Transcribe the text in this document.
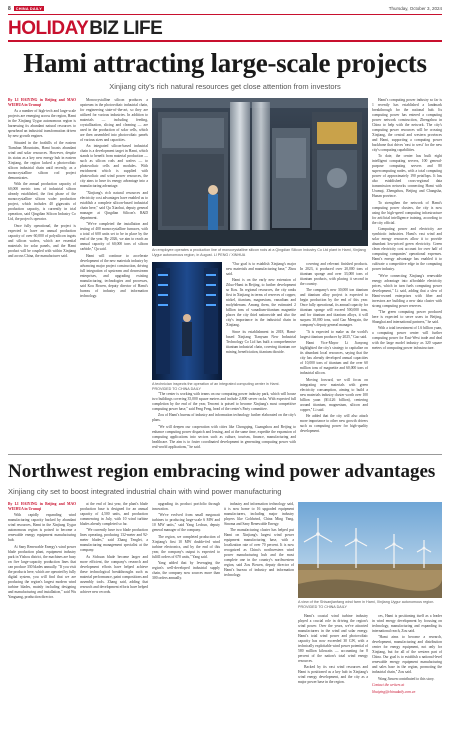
8	CHINA DAILY	Thursday, October 3, 2024
HOLIDAY BIZ LIFE
Hami attracting large-scale projects
Xinjiang city's rich natural resources get close attention from investors

By LI HAIYING in Beijing and MAO WEIHUA in Urumqi

As a number of high-tech and large-scale projects are emerging across the region, Hami in the Xinjiang Uygur autonomous region is harnessing its abundant natural resources to spearhead an industrial transformation driven by new growth engines.

Situated in the foothills of the eastern Tianshan Mountains, Hami boasts abundant wind and solar resources. However, despite its status as a key new energy hub in eastern Xinjiang, the region lacked a photovoltaic silicon industrial chain until recently, as a monocrystalline silicon rod project demonstrates.

With the annual production capacity of 60,000 metric tons of industrial silicon already established, the first phase of the monocrystalline silicon wafer production project, which includes 40 gigawatts of production capacity, is currently in trial operation, said Qingdian Silicon Industry Co Ltd, the project's operator.

Once fully operational, the project is expected to have an annual production capacity of over 60,000 of polysilicon ingots and silicon wafers, which are essential materials for solar panels, and the Hami product will be coupled with within Xinjiang and across China, the manufacturer said.

Monocrystalline silicon produces a upstream in the photovoltaic industrial chain, for engineering state-of-the-art, so they are utilized for various industries. In addition to materials — including feeding, crystallization, slicing and cleaning — are used in the production of solar cells, which are then assembled into photovoltaic panels of various sizes and capacities.

An integrated silicon-based industrial chain is a development target in Hami, which stands to benefit from material production — such as silicon rods and wafers — to photovoltaic cells and modules. With enrichment which is supplied with photovoltaic and wind power resources, the city aims to have its energy advantage into a manufacturing advantage.

"Xinjiang's rich natural resources and electricity cost advantages have enabled us to establish a complete silicon-based industrial chain here," said Qu Xiaohui, deputy general manager at Qingdian Silicon's R&D department.

"We've completed the installation and testing of 400 monocrystalline furnaces, with a total of 600 units set to be in place by the end of the year. By 2026, we aim to reach an annual capacity of 60,000 tons of silicon carbide," Qu said.

Hami will continue to accelerate development of the new materials industry by advancing major project construction, driving full integration of upstream and downstream enterprises, and upgrading existing manufacturing, technologies and processes, said Kou Bowen, deputy director of Hami's bureau of industry and information technology.

An employee operates a production line of monocrystalline silicon rods at a Qingdian Silicon Industry Co Ltd plant in Hami, Xinjiang Uygur autonomous region, in August. LI PENG / XINHUA

Hami's computing power industry so far is 1 recently has established a landmark breakthrough for the national hub. Its computing power has entered a computing power network construction, Zhengzhou in China to help with the network. The city's computing power resources will be crossing Xinjiang, the central and western provinces and Hami, supporting a computing power backbone that drives 'east to west' for the new city's computing capabilities.

To date, the center has built eight intelligent computing servers, 100 general-purpose computing servers and 80 supercomputing nodes, with a total computing power of approximately 190 petaflops. It has also established cross-regional data transmission networks connecting Hami with Urumqi, Zhengzhou, Beijing and Changsha, Hunan province.

To strengthen the network of Hami's computing power clusters, the city is now using the high-speed computing infrastructure for artificial intelligence training, according to the city official.

Computing power and electricity are symbiotic industries. Hami's vast wind and solar energy resources allow it to provide abundant low-priced green electricity. Green clean electricity cost account for over half of computing companies' operational expenses. Hami's energy advantage has enabled it to cultivate a competitive edge in the computing power industry.

"We're connecting Xinjiang's renewable energy advantage into affordable electricity prices, which in turn fuels computing power development," Li said, adding that a slew of Hami-owned enterprises with fiber and investors are building a new data cluster with strong computing power reserves.

"The green computing power produced here is expected to serve users in Beijing, Shanghai and international partners," he said.

With a total investment of 1.6 billion yuan, a computing power center will further computing power for East-West trade and deal with the large model industry as 320 square meters of computing power infrastructure.

A technician inspects the operation of an integrated computing center in Hami. PROVIDED TO CHINA DAILY

"Our goal is to establish Xinjiang's major new materials and manufacturing base," Zhou said.

Hami is on the early new extension of Ziluo-Hami in Beijing, to further development so Kou. Its regional resources, the city ranks first in Xinjiang in terms of reserves of copper, nickel, titanium, magnesium, vanadium and molybdenum. Among them, the estimated 2 billion tons of vanadium-titanium magnetite places the city third nationwide and also the city's importance in the industrial chain in Xinjiang.

Since its establishment in 2018, Hami-based Xinjiang Tianyuan New Industrial Technology Co Ltd has built a comprehensive titanium industrial chain, covering titanium ore mining, beneficiation, titanium dioxide.

covering and relevant finished products. In 2023, it produced over 20,000 tons of titanium sponge and over 33,000 tons of titanium products, with placing it second in the country.

The company's new 30,000 ton titanium and titanium alloy project is expected to begin production by the end of this year. Once fully operational, its annual capacity for titanium sponge will exceed 500,000 tons, and for titanium and titanium alloys, it will surpass 30,000 tons, said Gao Mengxin, the company's deputy general manager.

"It is expected to make us the world's largest titanium producer by 2025," Gao said.

Hami Vice-Mayor Li Jianyong highlighted the city's strategy to capitalize on its abundant local resources, saying that the city has already developed annual capacities of 10,000 tons of titanium and the over 60 million tons of magnetite and 60,000 tons of industrial silicon.

Moving forward, we will focus on integrating new materials with green electricity consumption, aiming to build a new materials industry cluster worth over 100 billion yuan ($14.26 billion), centering around titanium, magnesium, silicon and copper," Li said.

He added that the city will also attach more importance to other new growth drivers such as computing power for high-quality development.

"The center is working with teams on our computing power industry park, which will house two buildings covering 35,000 square meters and include 2,800 server racks. With expected full completion by the end of the year, Tencent is poised to become Xinjiang's most competitive computing power base," said Feng Feng, head of the center's Party committee.

Zou of Hami's bureau of industry and information technology further elaborated on the city's plans.

"We will deepen our cooperation with cities like Chongqing, Guangzhou and Beijing to enhance computing power dispatch and leasing, and at the same time, expedite the expansion of computing applications into sectors such as culture, tourism, finance, manufacturing and healthcare. The aim is to foster coordinated development in generating computing power with real-world applications," he said.

Northwest region embracing wind power advantages
Xinjiang city set to boost integrated industrial chain with wind power manufacturing

By LI HAIYING in Beijing and MAO WEIHUA in Urumqi

With rapidly expanding wind manufacturing capacity backed by abundant wind resources, Hami in the Xinjiang Uygur autonomous region is poised to become a renewable energy equipment manufacturing hub.

At Sany Renewable Energy's wind power blade production plant, equipment industry park in Yizhou district, the machines are busy on five large-capacity production lines that can produce 330 blades annually. "If you visit the products here, which are operated by fully digital system, you will find that we are producing the region's largest modern wind turbine blades, mainly including designing and manufacturing and installation," said Wu Yanguang, production director.

at the end of last year, the plant's blade production base is designed for an annual capacity of 4,500 units, and production commencing in July, with 10 wind turbine blades already completed so far.

"We currently have two blade production lines operating, producing 132-meter and 92-meter blades," said Zhang Tenglei, a manufacturing management specialist at the company.

As Sichuan blade become larger and more efficient, the company's research and development efforts have helped achieve these technological breakthroughs such as material performance, paint compositions and assembly tools. Zhang said, adding that research and development efforts have helped achieve new records.

upgrading its product portfolio through innovation.

"We've evolved from small megawatt turbines to producing large-scale 6 MW and 10 MW units," said Yang Lechun, deputy general manager of the company.

The region, we completed production of Xinjiang's first 10 MW double-fed wind turbine electronics, and by the end of this year, the company's output is expected to fulfill orders of 670 units," Yang said.

Yang added that by leveraging the region's well-developed industrial supply chain, the company now sources more than 300 orders annually.

industry and information technology said, it is now home to 16 upgraded equipment manufacturers, including major industry players like Goldwind, China Ming Yang, Sinoma and Sany Renewable Energy.

The manufacturing cluster has helped put Hami on Xinjiang's largest wind power equipment manufacturing base, with a localization rate of over 70 percent. It is now recognized as China's northwestern wind power manufacturing hub and the most complete one in the country's northwestern region, said Zou Bowen, deputy director of Hami's bureau of industry and information technology.

A view of the Shisanjianfang wind farm in Hami, Xinjiang Uygur autonomous region. PROVIDED TO CHINA DAILY

Hami's coastal wind turbine industry played a crucial role in driving the region's wind power. Over the years, we've attracted manufacturers in the wind and solar energy. Hami's total wind power and photovoltaic capacity has now exceeded 30 GW, with a technically exploitable wind power potential of 580 million kilowatts — accounting for 8 percent of the nation's total wind energy resources.

Backed by its vast wind resources and Hami is positioned as a key hub in Xinjiang's wind energy development, and the city as a major power base in the region.

ces, Hami is positioning itself as a leader in wind energy development by focusing on technology, manufacturing and expanding its international reach, Zou said.

"Hami aims to become a research, development, manufacturing and distribution center for energy equipment, not only for Xinjiang, but for all of the western part of China. Our goal is to establish a national-level renewable energy equipment manufacturing and sales base in the region, promoting the industrial chain," Zou said.

Wang Jiawen contributed to this story.

Contact the writers at

lihaiying@chinadaily.com.cn
